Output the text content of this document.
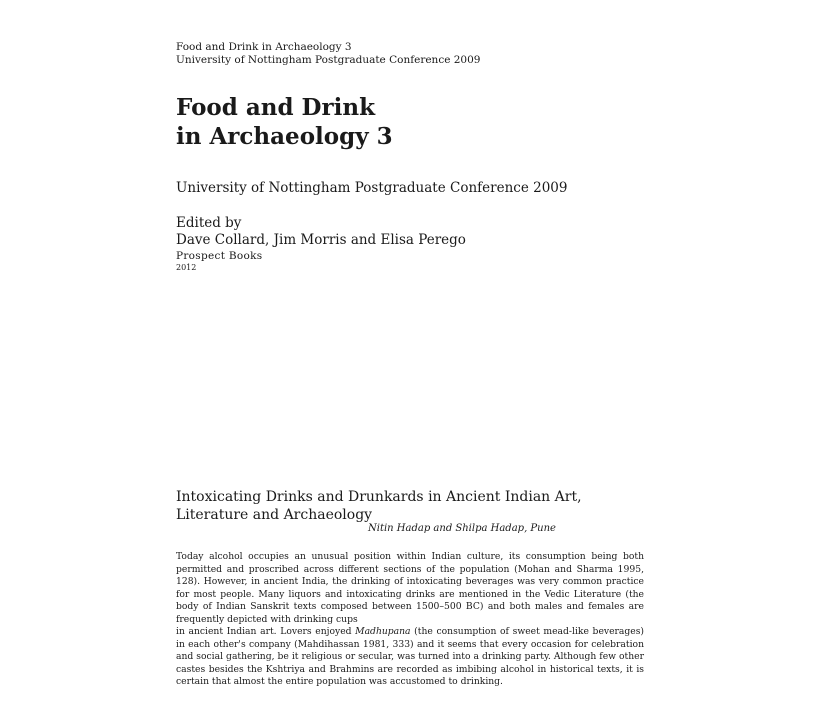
Food and Drink in Archaeology 3

University of Nottingham Postgraduate Conference 2009

Food and Drink
in Archaeology 3

University of Nottingham Postgraduate Conference 2009

Edited by

Dave Collard, Jim Morris and Elisa Perego

Prospect Books

2012

Intoxicating Drinks and Drunkards in Ancient Indian Art,

Literature and Archaeology

Nitin Hadap and Shilpa Hadap, Pune

Today alcohol occupies an unusual position within Indian culture, its consumption being both permitted and proscribed across different sections of the population (Mohan and Sharma 1995, 128). However, in ancient India, the drinking of intoxicating beverages was very common practice for most people. Many liquors and intoxicating drinks are mentioned in the Vedic Literature (the body of Indian Sanskrit texts composed between 1500–500 BC) and both males and females are frequently depicted with drinking cups

in ancient Indian art. Lovers enjoyed Madhupana (the consumption of sweet mead-like beverages) in each other's company (Mahdihassan 1981, 333) and it seems that every occasion for celebration and social gathering, be it religious or secular, was turned into a drinking party. Although few other castes besides the Kshtriya and Brahmins are recorded as imbibing alcohol in historical texts, it is certain that almost the entire population was accustomed to drinking.
